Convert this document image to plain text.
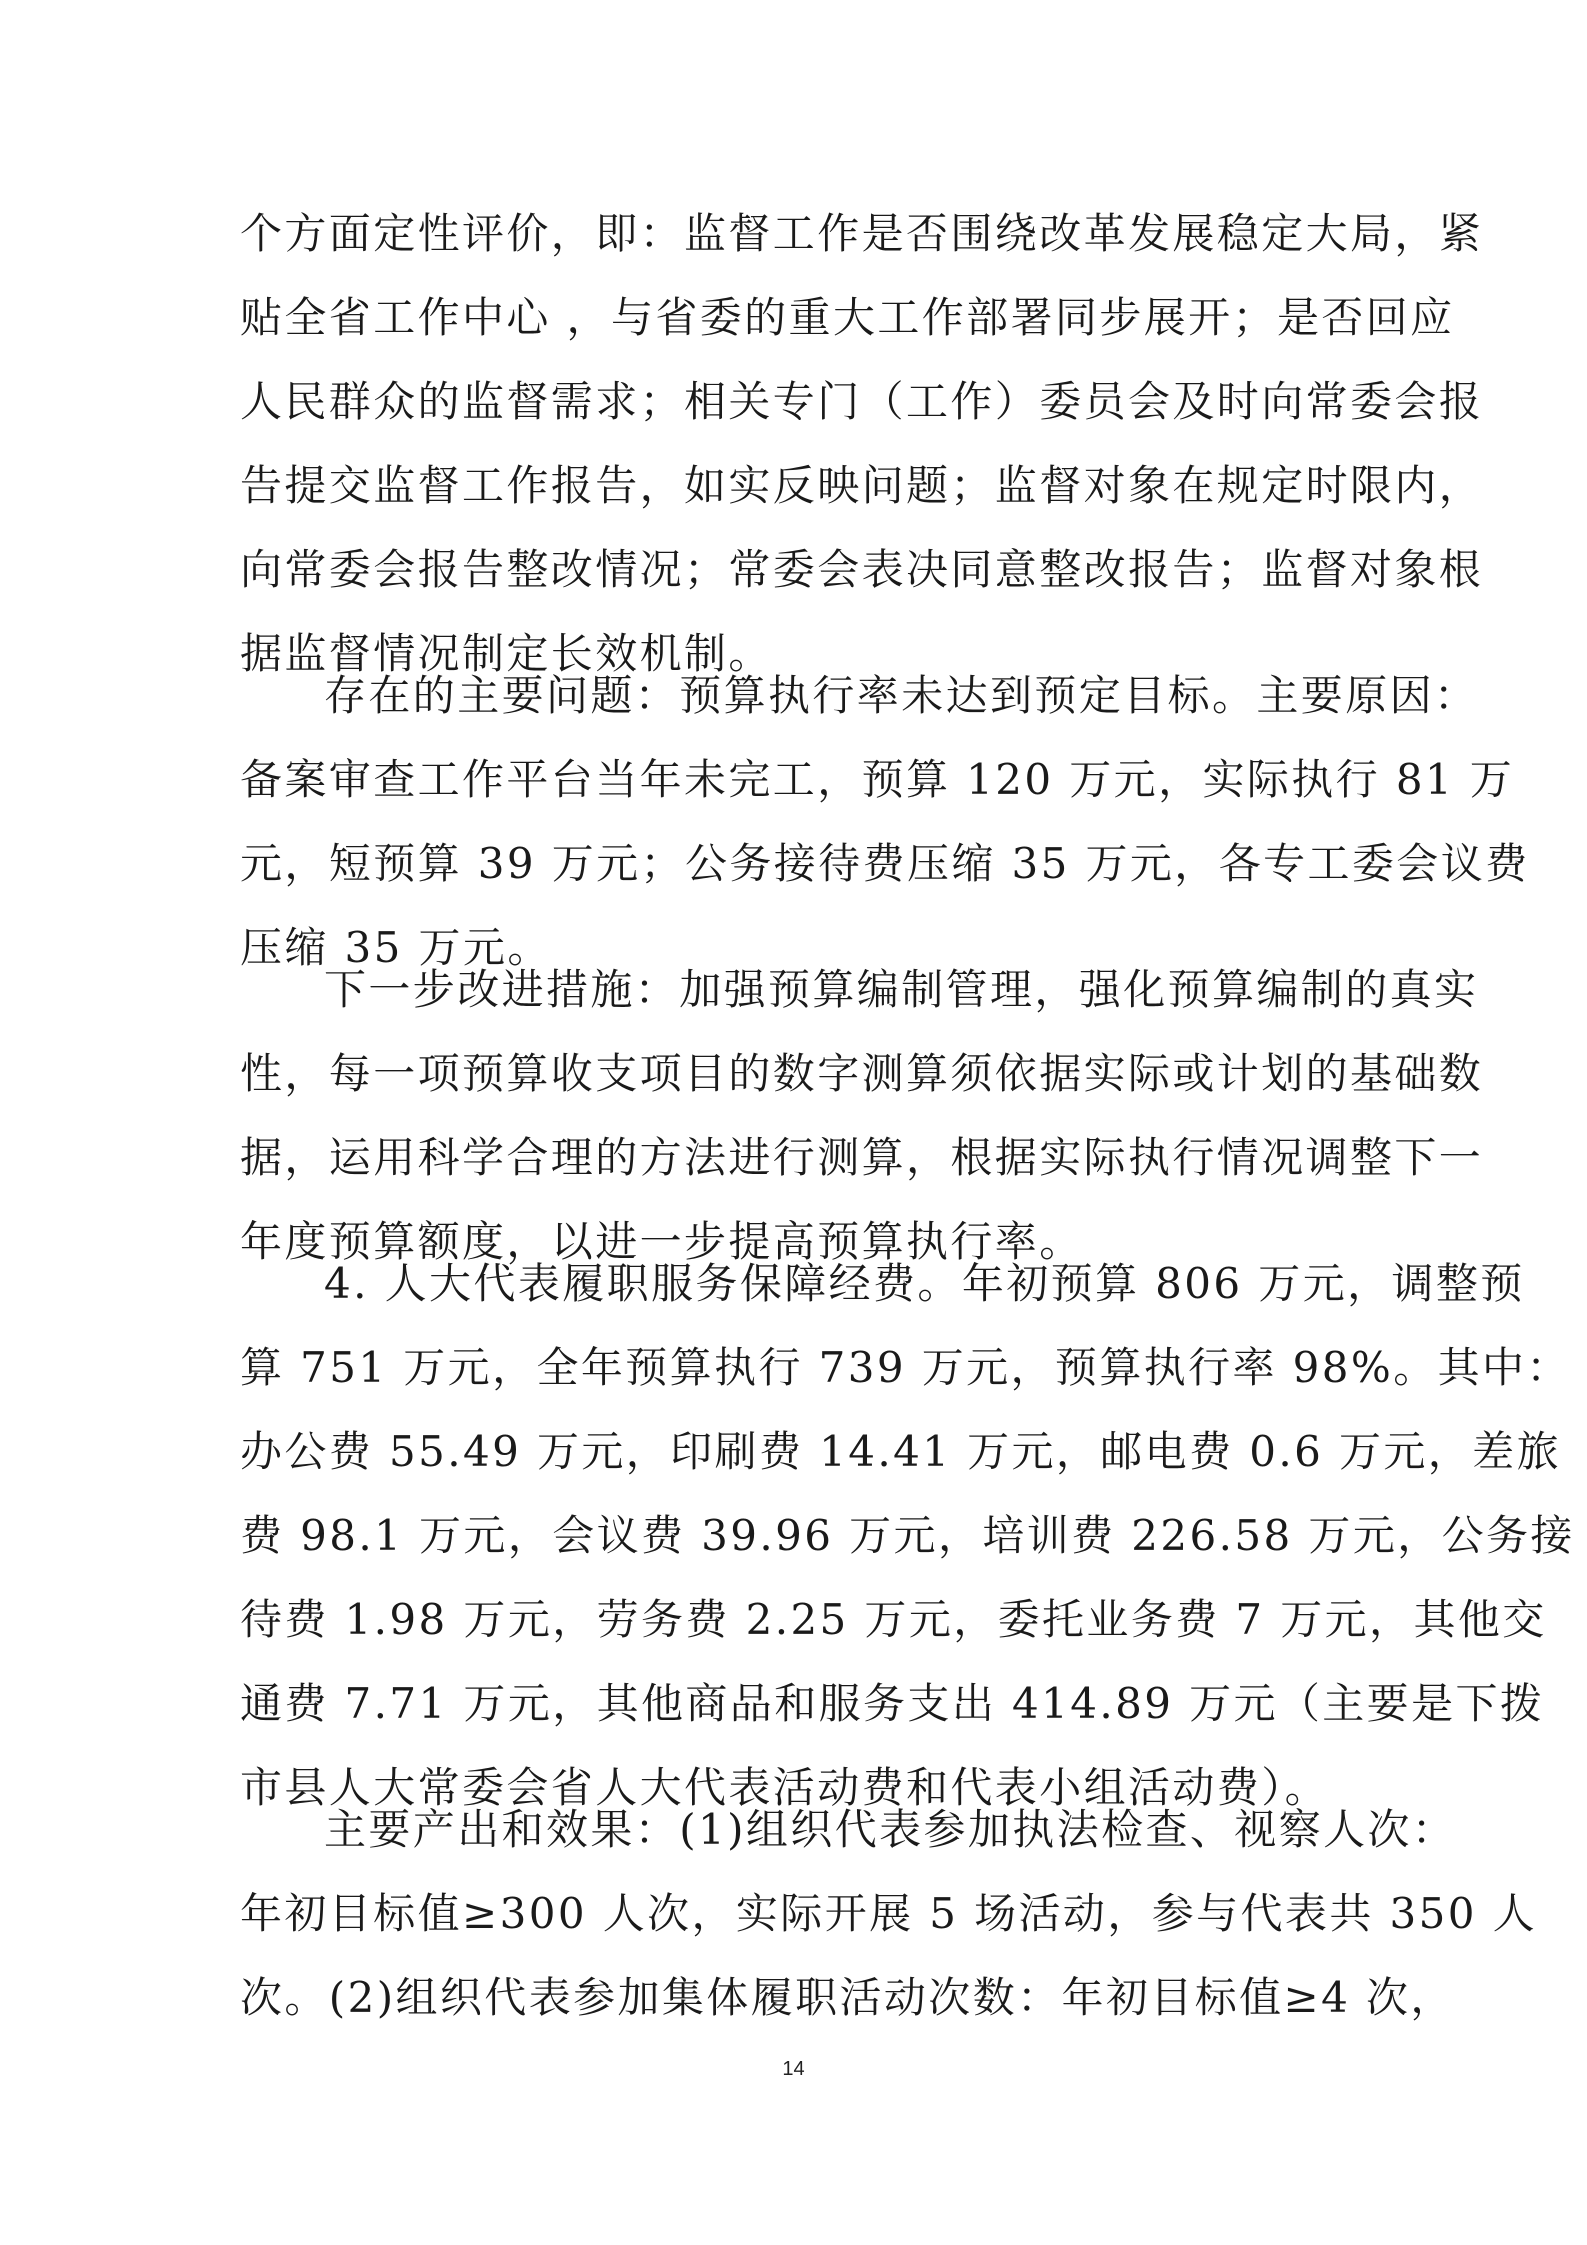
个方面定性评价，即：监督工作是否围绕改革发展稳定大局，紧
贴全省工作中心 ，与省委的重大工作部署同步展开；是否回应
人民群众的监督需求；相关专门（工作）委员会及时向常委会报
告提交监督工作报告，如实反映问题；监督对象在规定时限内，
向常委会报告整改情况；常委会表决同意整改报告；监督对象根
据监督情况制定长效机制。
存在的主要问题：预算执行率未达到预定目标。主要原因：
备案审查工作平台当年未完工，预算 120 万元，实际执行 81 万
元，短预算 39 万元；公务接待费压缩 35 万元，各专工委会议费
压缩 35 万元。
下一步改进措施：加强预算编制管理，强化预算编制的真实
性，每一项预算收支项目的数字测算须依据实际或计划的基础数
据，运用科学合理的方法进行测算，根据实际执行情况调整下一
年度预算额度，以进一步提高预算执行率。
4. 人大代表履职服务保障经费。年初预算 806 万元，调整预
算 751 万元，全年预算执行 739 万元，预算执行率 98%。其中：
办公费 55.49 万元，印刷费 14.41 万元，邮电费 0.6 万元，差旅
费 98.1 万元，会议费 39.96 万元，培训费 226.58 万元，公务接
待费 1.98 万元，劳务费 2.25 万元，委托业务费 7 万元，其他交
通费 7.71 万元，其他商品和服务支出 414.89 万元（主要是下拨
市县人大常委会省人大代表活动费和代表小组活动费）。
主要产出和效果：(1)组织代表参加执法检查、视察人次：
年初目标值≥300 人次，实际开展 5 场活动，参与代表共 350 人
次。(2)组织代表参加集体履职活动次数：年初目标值≥4 次，
14
